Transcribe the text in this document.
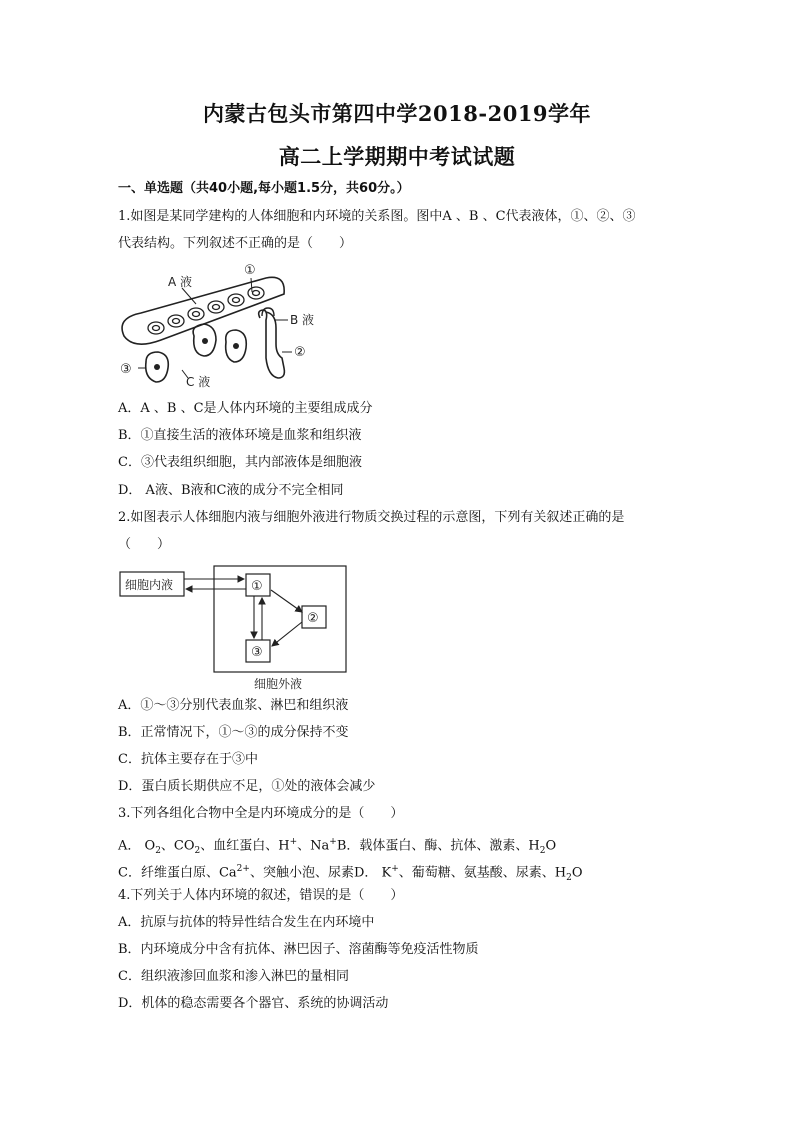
内蒙古包头市第四中学2018-2019学年
高二上学期期中考试试题
一、单选题（共40小题,每小题1.5分，共60分。）
1.如图是某同学建构的人体细胞和内环境的关系图。图中A 、B 、C代表液体，①、②、③
代表结构。下列叙述不正确的是（　　）
A 液
①
B 液
②
③
C 液
A．A 、B 、C是人体内环境的主要组成成分
B．①直接生活的液体环境是血浆和组织液
C．③代表组织细胞，其内部液体是细胞液
D． A液、B液和C液的成分不完全相同
2.如图表示人体细胞内液与细胞外液进行物质交换过程的示意图，下列有关叙述正确的是
（　　）
细胞内液	①
②
③
细胞外液
A．①～③分别代表血浆、淋巴和组织液
B．正常情况下，①～③的成分保持不变
C．抗体主要存在于③中
D．蛋白质长期供应不足，①处的液体会减少
3.下列各组化合物中全是内环境成分的是（　　）
A． $O_2$、$CO_2$、血红蛋白、H+、Na+B．载体蛋白、酶、抗体、激素、$H_2O$
C．纤维蛋白原、$Ca^{2+}$、突触小泡、尿素D． K+、葡萄糖、氨基酸、尿素、$H_2O$
4.下列关于人体内环境的叙述，错误的是（　　）
A．抗原与抗体的特异性结合发生在内环境中
B．内环境成分中含有抗体、淋巴因子、溶菌酶等免疫活性物质
C．组织液渗回血浆和渗入淋巴的量相同
D．机体的稳态需要各个器官、系统的协调活动
